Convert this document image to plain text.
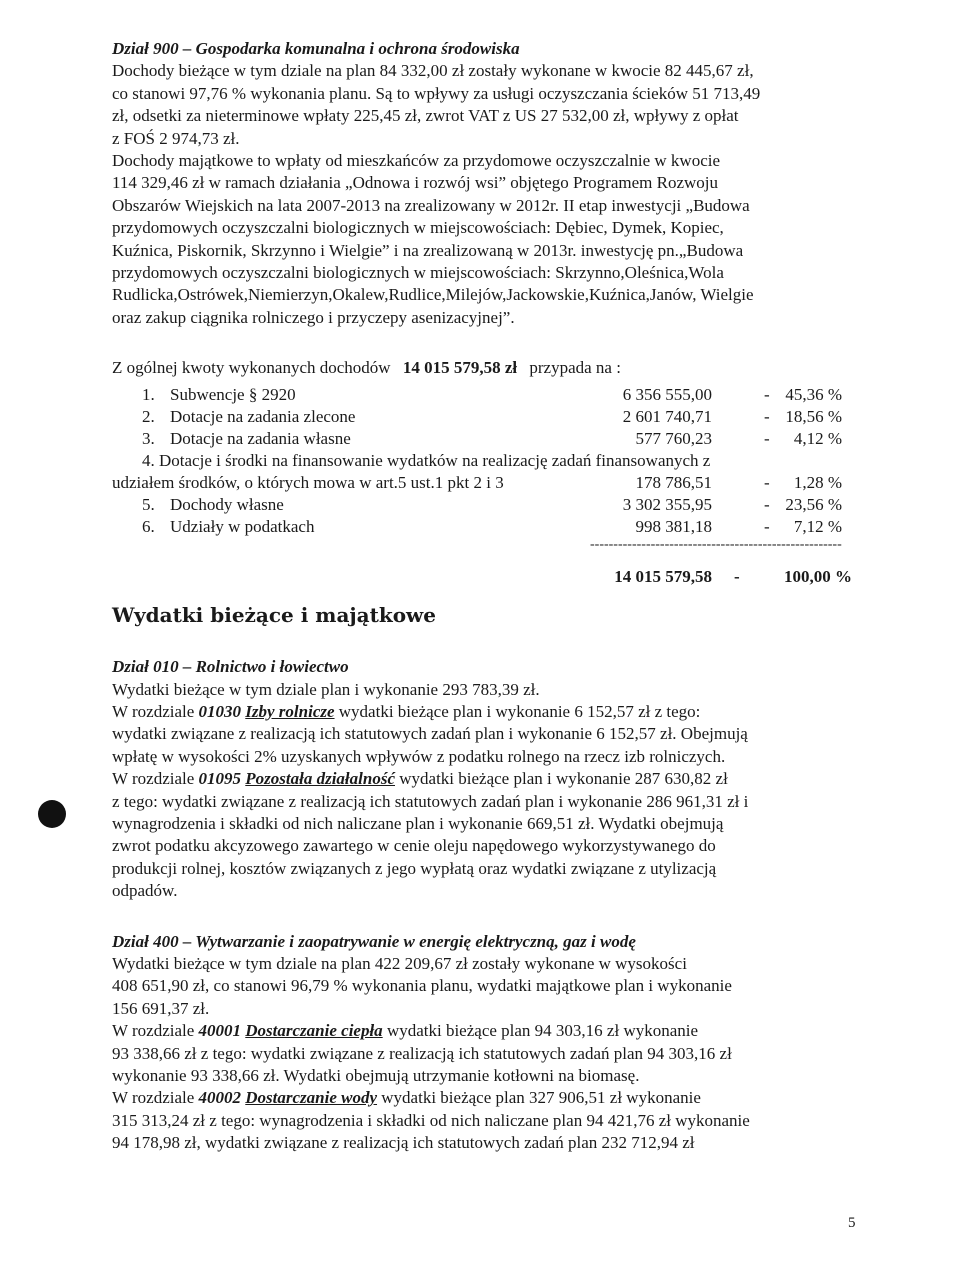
Dział 900 – Gospodarka komunalna i ochrona środowiska
Dochody bieżące w tym dziale na plan 84 332,00 zł zostały wykonane w kwocie 82 445,67 zł,
co stanowi 97,76 % wykonania planu. Są to wpływy za usługi oczyszczania ścieków 51 713,49
zł, odsetki za nieterminowe wpłaty 225,45 zł, zwrot VAT z US 27 532,00 zł, wpływy z opłat
z FOŚ 2 974,73 zł.
Dochody majątkowe to wpłaty od mieszkańców za przydomowe oczyszczalnie w kwocie
114 329,46 zł w ramach działania „Odnowa i rozwój wsi” objętego Programem Rozwoju
Obszarów Wiejskich na lata 2007-2013 na zrealizowany w 2012r. II etap inwestycji „Budowa
przydomowych oczyszczalni biologicznych w miejscowościach: Dębiec, Dymek, Kopiec,
Kuźnica, Piskornik, Skrzynno i Wielgie” i na zrealizowaną w 2013r. inwestycję pn.„Budowa
przydomowych oczyszczalni biologicznych w miejscowościach: Skrzynno,Oleśnica,Wola
Rudlicka,Ostrówek,Niemierzyn,Okalew,Rudlice,Milejów,Jackowskie,Kuźnica,Janów, Wielgie
oraz zakup ciągnika rolniczego i przyczepy asenizacyjnej”.
Z ogólnej kwoty wykonanych dochodów 14 015 579,58 zł przypada na :
1. Subwencje § 2920	6 356 555,00	- 45,36 %
2. Dotacje na zadania zlecone	2 601 740,71	- 18,56 %
3. Dotacje na zadania własne	577 760,23	- 4,12 %
4. Dotacje i środki na finansowanie wydatków na realizację zadań finansowanych z
udziałem środków, o których mowa w art.5 ust.1 pkt 2 i 3	178 786,51	- 1,28 %
5. Dochody własne	3 302 355,95	- 23,56 %
6. Udziały w podatkach	998 381,18	- 7,12 %
------------------------------------------------------
14 015 579,58 -	100,00 %
Wydatki bieżące i majątkowe
Dział 010 – Rolnictwo i łowiectwo
Wydatki bieżące w tym dziale plan i wykonanie 293 783,39 zł.
W rozdziale 01030 Izby rolnicze wydatki bieżące plan i wykonanie 6 152,57 zł z tego:
wydatki związane z realizacją ich statutowych zadań plan i wykonanie 6 152,57 zł. Obejmują
wpłatę w wysokości 2% uzyskanych wpływów z podatku rolnego na rzecz izb rolniczych.
W rozdziale 01095 Pozostała działalność wydatki bieżące plan i wykonanie 287 630,82 zł
z tego: wydatki związane z realizacją ich statutowych zadań plan i wykonanie 286 961,31 zł i
wynagrodzenia i składki od nich naliczane plan i wykonanie 669,51 zł. Wydatki obejmują
zwrot podatku akcyzowego zawartego w cenie oleju napędowego wykorzystywanego do
produkcji rolnej, kosztów związanych z jego wypłatą oraz wydatki związane z utylizacją
odpadów.
Dział 400 – Wytwarzanie i zaopatrywanie w energię elektryczną, gaz i wodę
Wydatki bieżące w tym dziale na plan 422 209,67 zł zostały wykonane w wysokości
408 651,90 zł, co stanowi 96,79 % wykonania planu, wydatki majątkowe plan i wykonanie
156 691,37 zł.
W rozdziale 40001 Dostarczanie ciepła wydatki bieżące plan 94 303,16 zł wykonanie
93 338,66 zł z tego: wydatki związane z realizacją ich statutowych zadań plan 94 303,16 zł
wykonanie 93 338,66 zł. Wydatki obejmują utrzymanie kotłowni na biomasę.
W rozdziale 40002 Dostarczanie wody wydatki bieżące plan 327 906,51 zł wykonanie
315 313,24 zł z tego: wynagrodzenia i składki od nich naliczane plan 94 421,76 zł wykonanie
94 178,98 zł, wydatki związane z realizacją ich statutowych zadań plan 232 712,94 zł
5
